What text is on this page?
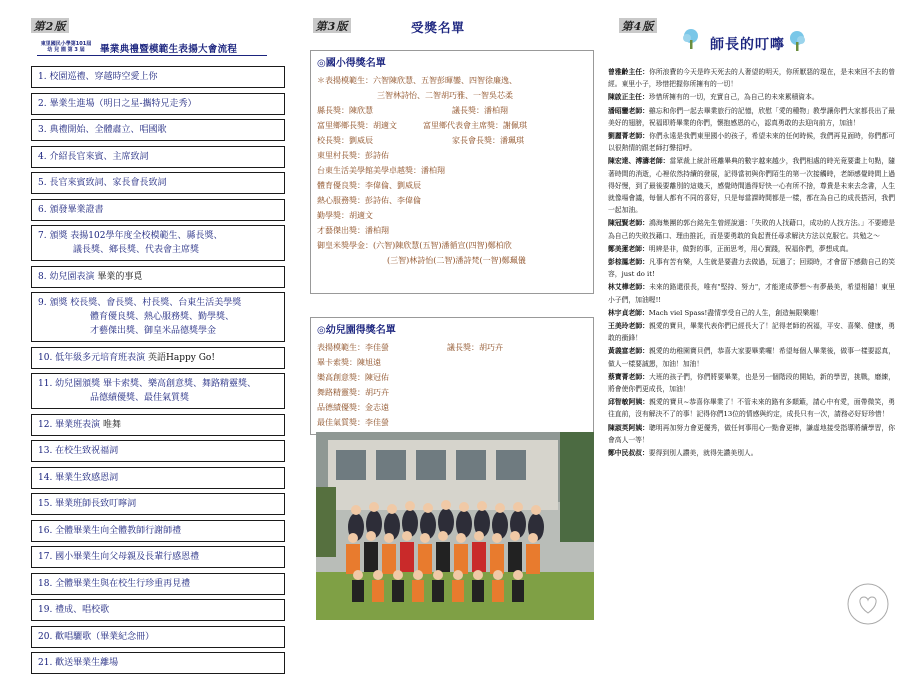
第2版
東里國民小學第101屆
幼 兒 園 第 3 屆	畢業典禮暨模範生表揚大會流程
1. 校園巡禮、穿越時空愛上你
2. 畢業生進場（明日之星-攜特兄走秀）
3. 典禮開始、全體肅立、唱國歌
4. 介紹長官來賓、主席致詞
5. 長官來賓致詞、家長會長致詞
6. 頒發畢業證書
7. 頒獎 表揚102學年度全校模範生、縣長獎、
議長獎、鄉長獎、代表會主席獎
8. 幼兒園表演 畢業的事覓
9. 頒獎 校長獎、會長獎、村長獎、台東生活美學獎
體育優良獎、熱心服務獎、勤學獎、
才藝傑出獎、御皇米品德獎學金
10. 低年級多元培育班表演 英語Happy Go!
11. 幼兒園頒獎 畢卡索獎、樂高創意獎、舞路精靈獎、
品德績優獎、最佳氣質獎
12. 畢業班表演 唯舞
13. 在校生致祝福詞
14. 畢業生致感恩詞
15. 畢業班師長致叮嚀詞
16. 全體畢業生向全體教師行謝師禮
17. 國小畢業生向父母親及長輩行感恩禮
18. 全體畢業生與在校生行珍重再見禮
19. 禮成、唱校歌
20. 歡唱驪歌（畢業紀念冊）
21. 歡送畢業生離場
第3版	受獎名單
◎國小得獎名單
＊表揚模範生：六智陳欣慧、五智彭暉鑾、四智徐廉逸、
三智林詩怡、二智胡巧雅、一智吳芯柔
縣長獎：陳欣慧	議長獎：潘柏翔
富里鄉鄉長獎：胡適文	富里鄉代表會主席獎：謝佩琪
校長獎：劉威辰	家長會長獎：潘珮琪
東里村長獎：彭詩佑
台東生活美學館美學卓越獎：潘柏翔
體育優良獎：李偉倫、劉威辰
熱心服務獎：彭詩佑、李偉倫
勤學獎：胡適文
才藝傑出獎：潘柏翔
御皇米獎學金：(六智)陳欣慧(五智)潘循宣(四智)鄭柏欣
(三智)林詩怡(二智)潘詩梵(一智)鄭珮儀
◎幼兒園得獎名單
表揚模範生：李佳螢	議長獎：胡巧卉
畢卡索獎：陳旭遠
樂高創意獎：陳冠佑
舞路精靈獎：胡巧卉
品德績優獎：金志遠
最佳氣質獎：李佳螢
第4版
師長的叮嚀
曾雅齡主任：你所浪費的今天是昨天死去的人奢望的明天，你所厭惡的現在，是未來回不去的曾經。東里小子，珍惜把握你所擁有的一切！
陳啟正主任：珍惜所擁有的一切，充實自己，為自己的未來累積資本。
潘昭鑾老師：雖忘和你們一起去畢業旅行的記憶，欣慰「愛的種物」教學讓你們大家都長出了最美好的翅膀，祝福即將畢業的你們，懷抱感恩的心，認真勇敢的去迎向前方，加油！
劉麗菁老師：你們永遠是我們東里國小的孩子，希望未來的任何時候，我們再見面時，你們都可以很熱情的跟老師打聲招呼。
陳宏達、溥濤老師：當眾裁上統計班離畢典的數字越來越少，我們相處的時光竟要畫上句點，隨著時間的消逝，心裡依然持續的發展，記得當初與你們陌生的第一次接觸時，老師感覺時間上過得好慢，到了最後要離別的這幾天，感覺時間過得好快一心有所不捨，尊貴是未來去念書，人生就像場會議，每個人都有不同的喜好，只是每當課時間都是一樣，都在為自己的成長搭河，我們一起加油。
陳冠賢老師：鴻海集團的郭台銘先生曾經說過：「失敗的人找藉口，成功的人找方法。」不要總是為自己的失敗找藉口、理由推託，而是要勇敢的負起責任尋求解決方法以克服它。共勉之～
鄭美蓮老師：明辨是非，做對的事，正面思考，用心實踐，祝福你們，夢想成真。
彭棕鳳老師：凡事有苦有樂，人生就是要盡力去做過，玩過了；回頭時，才會留下感動自己的笑容，just do it!
林艾樺老師：未來的路還很長，唯有"堅持、努力"，才能達成夢想～有夢最美，希望相隨！東里小子們，加油喔!!
林宇貞老師：Mach viel Spass!盡情享受自己的人生，創造無限樂趣！
王美玲老師：親愛的寶貝，畢業代表你們已經長大了！記得老師的祝福，平安、喜樂、健康，勇敢的衝鋒！
黃義富老師：親愛的幼稚園寶貝們，恭喜大家要畢業囉！希望每個人畢業後，做事一樣要認真，做人一樣要誠懇，加油！加油！
蔡寶菁老師：大班的孩子們，你們將要畢業，也是另一個階段的開始，新的學習，挑戰，磨練，將會使你們更成長，加油！
邱智敏阿姨：親愛的寶貝~恭喜你畢業了！不管未來的路有多顛簸，請心中有愛，面帶微笑，勇往直前，沒有解決不了的事！記得你們13位的情感與約定，成長只有一次，請務必好好珍惜！
陳淑英阿姨：聰明再加努力會更優秀，做任何事用心一點會更棒，謙虛地接受指導將續學習，你會高人一等！
鄭中民叔叔：要得到別人讚美，就得先讚美別人。
